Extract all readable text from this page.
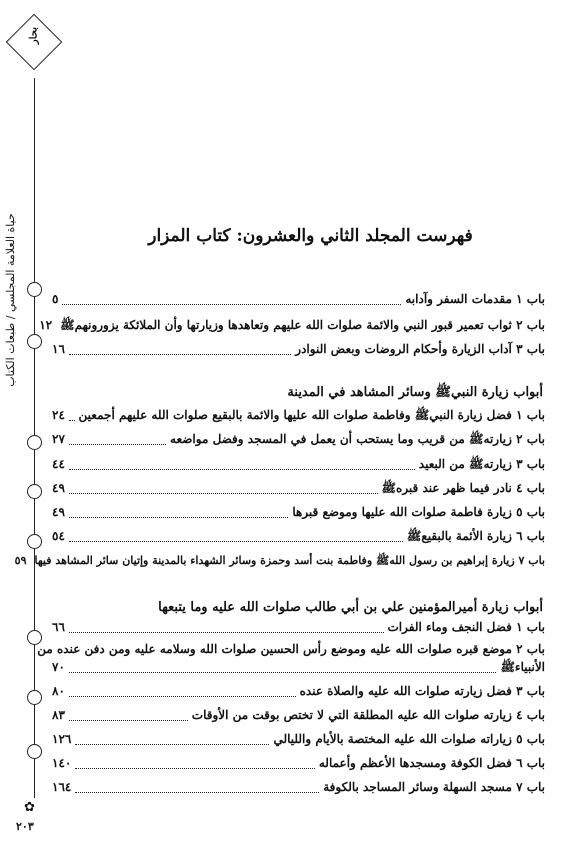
بحار
حياة العلامة المجلسي / طبعات الكتاب
✿
٢٠٣
فهرست المجلد الثاني والعشرون: كتاب المزار
باب ١ مقدمات السفر وآدابه
٥
باب ٢ ثواب تعمير قبور النبي والائمة صلوات الله عليهم وتعاهدها وزيارتها وأن الملائكة يزورونهمﷺ
١٢
باب ٣ آداب الزيارة وأحكام الروضات وبعض النوادر
١٦
أبواب زيارة النبيﷺ وسائر المشاهد في المدينة
باب ١ فضل زيارة النبيﷺ وفاطمة صلوات الله عليها والائمة بالبقيع صلوات الله عليهم أجمعين
٢٤
باب ٢ زيارتهﷺ من قريب وما يستحب أن يعمل في المسجد وفضل مواضعه
٢٧
باب ٣ زيارتهﷺ من البعيد
٤٤
باب ٤ نادر فيما ظهر عند قبرهﷺ
٤٩
باب ٥ زيارة فاطمة صلوات الله عليها وموضع قبرها
٤٩
باب ٦ زيارة الأئمة بالبقيعﷺ
٥٤
باب ٧ زيارة إبراهيم بن رسول اللهﷺ وفاطمة بنت أسد وحمزة وسائر الشهداء بالمدينة وإتيان سائر المشاهد فيها
٥٩
أبواب زيارة أميرالمؤمنين علي بن أبي طالب صلوات الله عليه وما يتبعها
باب ١ فضل النجف وماء الفرات
٦٦
باب ٢ موضع قبره صلوات الله عليه وموضع رأس الحسين صلوات الله وسلامه عليه ومن دفن عنده من
الأنبياءﷺ
٧٠
باب ٣ فضل زيارته صلوات الله عليه والصلاة عنده
٨٠
باب ٤ زيارته صلوات الله عليه المطلقة التي لا تختص بوقت من الأوقات
٨٣
باب ٥ زياراته صلوات الله عليه المختصة بالأيام والليالي
١٢٦
باب ٦ فضل الكوفة ومسجدها الأعظم وأعماله
١٤٠
باب ٧ مسجد السهلة وسائر المساجد بالكوفة
١٦٤
